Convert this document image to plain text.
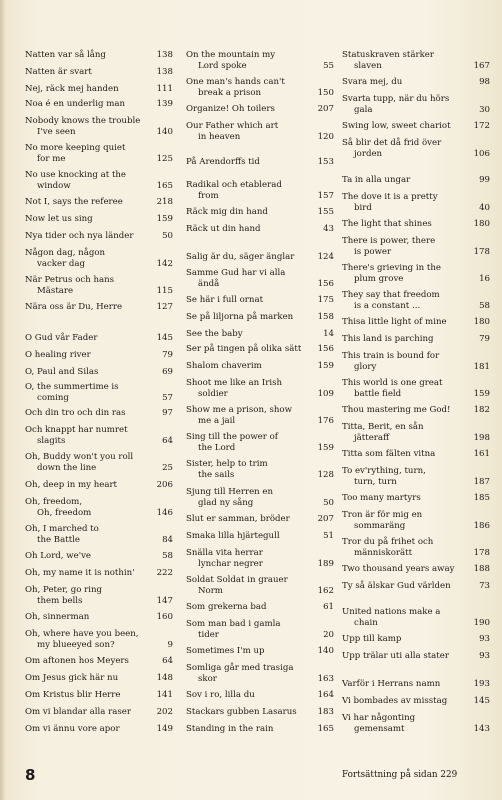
Natten var så lång	138
Natten är svart	138
Nej, räck mej handen	111
Noa é en underlig man	139
Nobody knows the trouble
I've seen	140
No more keeping quiet
for me	125
No use knocking at the
window	165
Not I, says the referee	218
Now let us sing	159
Nya tider och nya länder	50
Någon dag, någon
vacker dag	142
När Petrus och hans
Mästare	115
Nära oss är Du, Herre	127
O Gud vår Fader	145
O healing river	79
O, Paul and Silas	69
O, the summertime is
coming	57
Och din tro och din ras	97
Och knappt har numret
slagits	64
Oh, Buddy won't you roll
down the line	25
Oh, deep in my heart	206
Oh, freedom,
Oh, freedom	146
Oh, I marched to
the Battle	84
Oh Lord, we've	58
Oh, my name it is nothin'	222
Oh, Peter, go ring
them bells	147
Oh, sinnerman	160
Oh, where have you been,
my blueeyed son?	9
Om aftonen hos Meyers	64
Om Jesus gick här nu	148
Om Kristus blir Herre	141
Om vi blandar alla raser	202
Om vi ännu vore apor	149
On the mountain my
Lord spoke	55
One man's hands can't
break a prison	150
Organize! Oh toilers	207
Our Father which art
in heaven	120
På Arendorffs tid	153
Radikal och etablerad
from	157
Räck mig din hand	155
Räck ut din hand	43
Salig är du, säger änglar	124
Samme Gud har vi alla
ändå	156
Se här i full ornat	175
Se på liljorna på marken	158
See the baby	14
Ser på tingen på olika sätt	156
Shalom chaverim	159
Shoot me like an Irish
soldier	109
Show me a prison, show
me a jail	176
Sing till the power of
the Lord	159
Sister, help to trim
the sails	128
Sjung till Herren en
glad ny sång	50
Slut er samman, bröder	207
Smaka lilla hjärtegull	51
Snälla vita herrar
lynchar negrer	189
Soldat Soldat in grauer
Norm	162
Som grekerna bad	61
Som man bad i gamla
tider	20
Sometimes I'm up	140
Somliga går med trasiga
skor	163
Sov i ro, lilla du	164
Stackars gubben Lasarus	183
Standing in the rain	165
Statuskraven stärker
slaven	167
Svara mej, du	98
Svarta tupp, när du hörs
gala	30
Swing low, sweet chariot	172
Så blir det då frid över
jorden	106
Ta in alla ungar	99
The dove it is a pretty
bird	40
The light that shines	180
There is power, there
is power	178
There's grieving in the
plum grove	16
They say that freedom
is a constant ...	58
Thisa little light of mine	180
This land is parching	79
This train is bound for
glory	181
This world is one great
battle field	159
Thou mastering me God!	182
Titta, Berit, en sån
jätteraff	198
Titta som fälten vitna	161
To ev'rything, turn,
turn, turn	187
Too many martyrs	185
Tron är för mig en
sommaräng	186
Tror du på frihet och
människorätt	178
Two thousand years away	188
Ty så älskar Gud världen	73
United nations make a
chain	190
Upp till kamp	93
Upp trälar uti alla stater	93
Varför i Herrans namn	193
Vi bombades av misstag	145
Vi har någonting
gemensamt	143
8	Fortsättning på sidan 229
